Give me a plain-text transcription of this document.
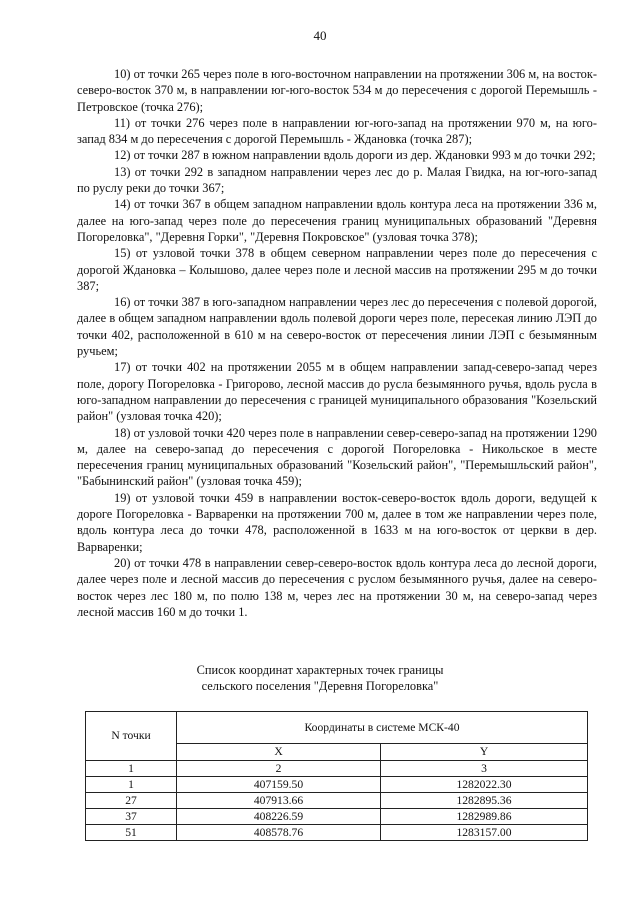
40

10) от точки 265 через поле в юго-восточном направлении на протяжении 306 м, на восток-северо-восток 370 м, в направлении юг-юго-восток 534 м до пересечения с дорогой Перемышль - Петровское (точка 276);

11) от точки 276 через поле в направлении юг-юго-запад на протяжении 970 м, на юго-запад 834 м до пересечения с дорогой Перемышль - Ждановка (точка 287);

12) от точки 287 в южном направлении вдоль дороги из дер. Ждановки 993 м до точки 292;

13) от точки 292 в западном направлении через лес до р. Малая Гвидка, на юг-юго-запад по руслу реки до точки 367;

14) от точки 367 в общем западном направлении вдоль контура леса на протяжении 336 м, далее на юго-запад через поле до пересечения границ муниципальных образований "Деревня Погореловка", "Деревня Горки", "Деревня Покровское" (узловая точка 378);

15) от узловой точки 378 в общем северном направлении через поле до пересечения с дорогой Ждановка – Колышово, далее через поле и лесной массив на протяжении 295 м до точки 387;

16) от точки 387 в юго-западном направлении через лес до пересечения с полевой дорогой, далее в общем западном направлении вдоль полевой дороги через поле, пересекая линию ЛЭП до точки 402, расположенной в 610 м на северо-восток от пересечения линии ЛЭП с безымянным ручьем;

17) от точки 402 на протяжении 2055 м в общем направлении запад-северо-запад через поле, дорогу Погореловка - Григорово, лесной массив до русла безымянного ручья, вдоль русла в юго-западном направлении до пересечения с границей муниципального образования "Козельский район" (узловая точка 420);

18) от узловой точки 420 через поле в направлении север-северо-запад на протяжении 1290 м, далее на северо-запад до пересечения с дорогой Погореловка - Никольское в месте пересечения границ муниципальных образований "Козельский район", "Перемышльский район", "Бабынинский район" (узловая точка 459);

19) от узловой точки 459 в направлении восток-северо-восток вдоль дороги, ведущей к дороге Погореловка - Варваренки на протяжении 700 м, далее в том же направлении через поле, вдоль контура леса до точки 478, расположенной в 1633 м на юго-восток от церкви в дер. Варваренки;

20) от точки 478 в направлении север-северо-восток вдоль контура леса до лесной дороги, далее через поле и лесной массив до пересечения с руслом безымянного ручья, далее на северо-восток через лес 180 м, по полю 138 м, через лес на протяжении 30 м, на северо-запад через лесной массив 160 м до точки 1.

Список координат характерных точек границы
сельского поселения "Деревня Погореловка"
N точки	Координаты в системе МСК-40	
	X	Y
1	2	3
1	407159.50	1282022.30
27	407913.66	1282895.36
37	408226.59	1282989.86
51	408578.76	1283157.00
